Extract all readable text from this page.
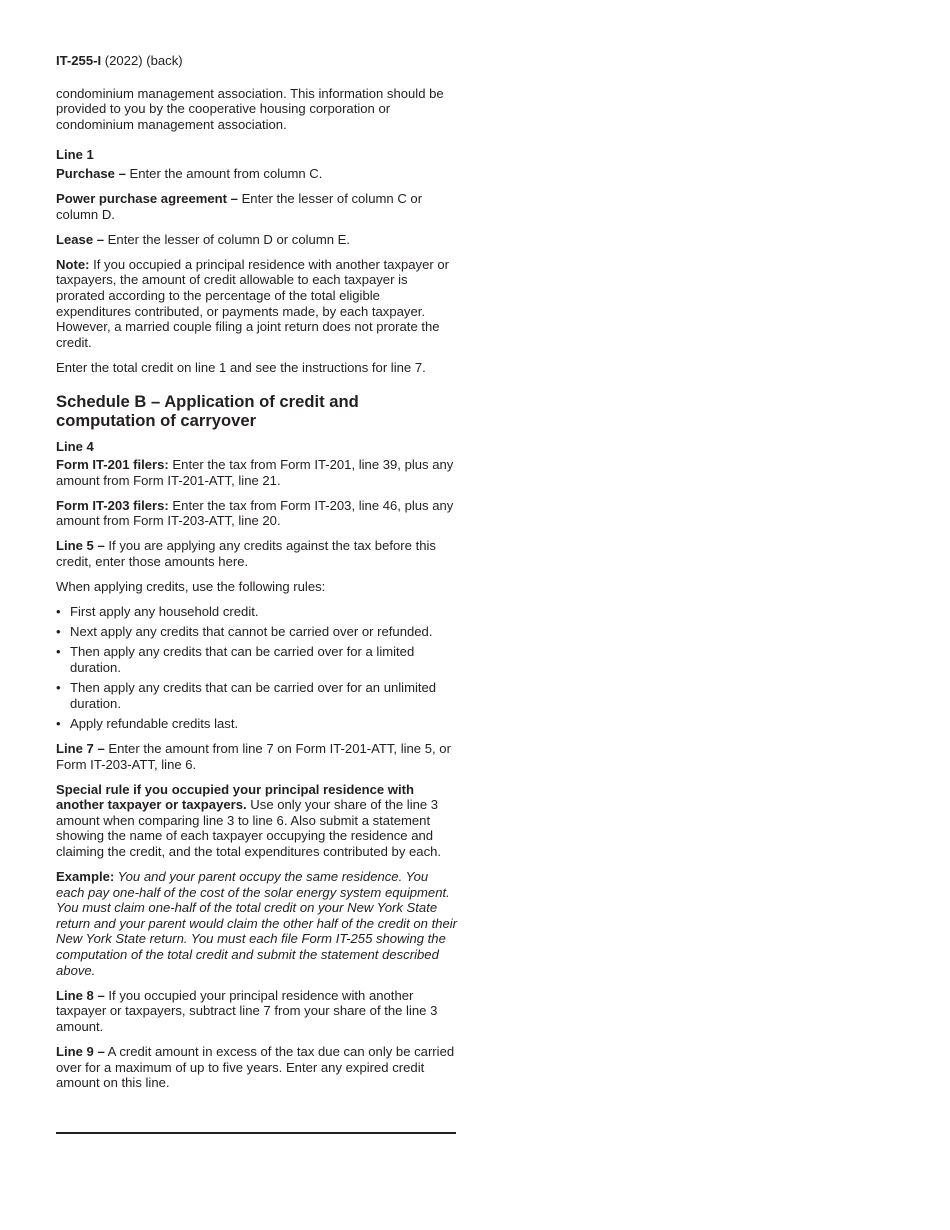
IT-255-I (2022) (back)

condominium management association. This information should be provided to you by the cooperative housing corporation or condominium management association.

Line 1

Purchase – Enter the amount from column C.

Power purchase agreement – Enter the lesser of column C or column D.

Lease – Enter the lesser of column D or column E.

Note: If you occupied a principal residence with another taxpayer or taxpayers, the amount of credit allowable to each taxpayer is prorated according to the percentage of the total eligible expenditures contributed, or payments made, by each taxpayer. However, a married couple filing a joint return does not prorate the credit.

Enter the total credit on line 1 and see the instructions for line 7.

Schedule B – Application of credit and computation of carryover
Line 4

Form IT-201 filers: Enter the tax from Form IT-201, line 39, plus any amount from Form IT-201-ATT, line 21.

Form IT-203 filers: Enter the tax from Form IT-203, line 46, plus any amount from Form IT-203-ATT, line 20.

Line 5 – If you are applying any credits against the tax before this credit, enter those amounts here.

When applying credits, use the following rules:

• First apply any household credit.
• Next apply any credits that cannot be carried over or refunded.
• Then apply any credits that can be carried over for a limited duration.
• Then apply any credits that can be carried over for an unlimited duration.
• Apply refundable credits last.

Line 7 – Enter the amount from line 7 on Form IT-201-ATT, line 5, or Form IT-203-ATT, line 6.

Special rule if you occupied your principal residence with another taxpayer or taxpayers. Use only your share of the line 3 amount when comparing line 3 to line 6. Also submit a statement showing the name of each taxpayer occupying the residence and claiming the credit, and the total expenditures contributed by each.

Example: You and your parent occupy the same residence. You each pay one-half of the cost of the solar energy system equipment. You must claim one-half of the total credit on your New York State return and your parent would claim the other half of the credit on their New York State return. You must each file Form IT-255 showing the computation of the total credit and submit the statement described above.

Line 8 – If you occupied your principal residence with another taxpayer or taxpayers, subtract line 7 from your share of the line 3 amount.

Line 9 – A credit amount in excess of the tax due can only be carried over for a maximum of up to five years. Enter any expired credit amount on this line.
